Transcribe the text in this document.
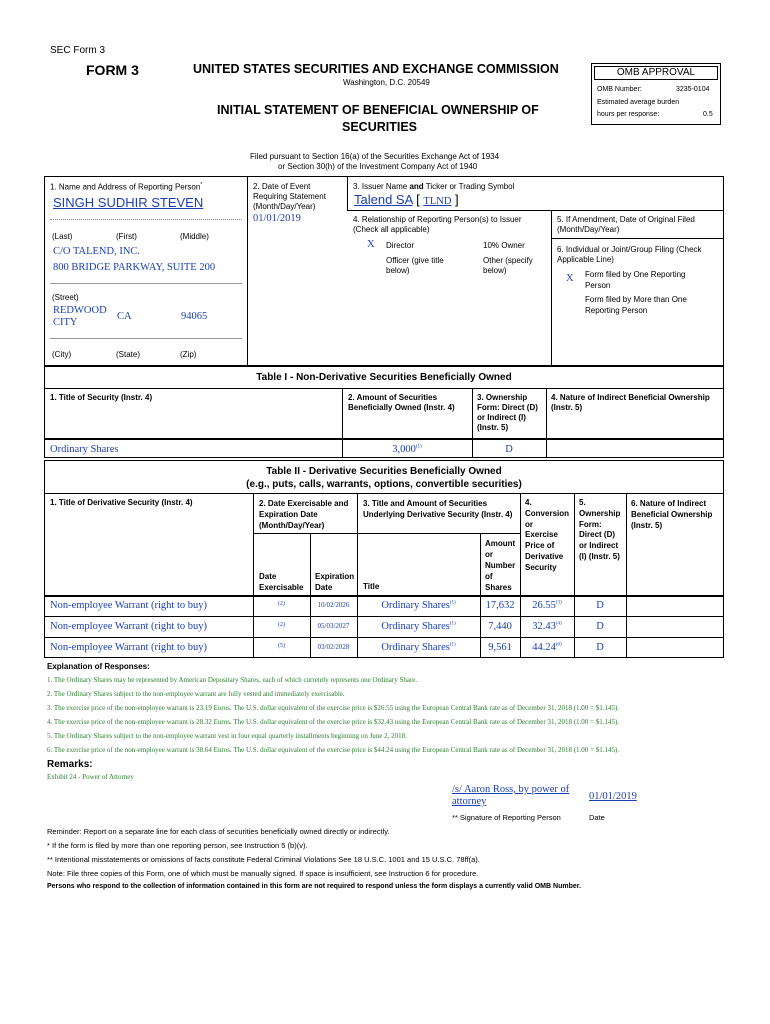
SEC Form 3
FORM 3	UNITED STATES SECURITIES AND EXCHANGE COMMISSION
Washington, D.C. 20549
INITIAL STATEMENT OF BENEFICIAL OWNERSHIP OF
SECURITIES
Filed pursuant to Section 16(a) of the Securities Exchange Act of 1934
or Section 30(h) of the Investment Company Act of 1940
OMB APPROVAL
OMB Number:	3235-0104
Estimated average burden
hours per response:	0.5
1. Name and Address of Reporting Person*
SINGH SUDHIR STEVEN
(Last)	(First)	(Middle)
C/O TALEND, INC.
800 BRIDGE PARKWAY, SUITE 200
(Street)
REDWOOD
CITY
CA	94065
(City)	(State)	(Zip)
2. Date of Event
Requiring Statement
(Month/Day/Year)
01/01/2019
3. Issuer Name and Ticker or Trading Symbol
Talend SA [ TLND ]
4. Relationship of Reporting Person(s) to Issuer
(Check all applicable)
X Director	10% Owner
Officer (give title
below)
Other (specify
below)
5. If Amendment, Date of Original Filed
(Month/Day/Year)
6. Individual or Joint/Group Filing (Check
Applicable Line)
X Form filed by One Reporting
Person
Form filed by More than One
Reporting Person
Table I - Non-Derivative Securities Beneficially Owned
1. Title of Security (Instr. 4)	2. Amount of Securities
Beneficially Owned (Instr. 4)
3. Ownership
Form: Direct (D)
or Indirect (I)
(Instr. 5)
4. Nature of Indirect Beneficial Ownership
(Instr. 5)
Ordinary Shares	3,000$^{(1)}$	D
Table II - Derivative Securities Beneficially Owned
(e.g., puts, calls, warrants, options, convertible securities)
1. Title of Derivative Security (Instr. 4)	2. Date Exercisable and
Expiration Date
(Month/Day/Year)
3. Title and Amount of Securities
Underlying Derivative Security (Instr. 4)
4.
Conversion
or
Exercise
Price of
Derivative
Security
5.
Ownership
Form:
Direct (D)
or Indirect
(I) (Instr. 5)
6. Nature of Indirect
Beneficial Ownership
(Instr. 5)
Date
Exercisable
Expiration
Date	Title
Amount
or
Number
of
Shares
Non-employee Warrant (right to buy)	(2)	10/02/2026	Ordinary Shares$^{(1)}$	17,632	26.55$^{(3)}$	D
Non-employee Warrant (right to buy)	(2)	05/03/2027	Ordinary Shares$^{(1)}$	7,440	32.43$^{(4)}$	D
Non-employee Warrant (right to buy)	(5)	03/02/2028	Ordinary Shares$^{(1)}$	9,561	44.24$^{(6)}$	D
Explanation of Responses:
1. The Ordinary Shares may be represented by American Depositary Shares, each of which currently represents one Ordinary Share.
2. The Ordinary Shares subject to the non-employee warrant are fully vested and immediately exercisable.
3. The exercise price of the non-employee warrant is 23.19 Euros. The U.S. dollar equivalent of the exercise price is $26.55 using the European Central Bank rate as of December 31, 2018 (1.00 = $1.145).
4. The exercise price of the non-employee warrant is 28.32 Euros. The U.S. dollar equivalent of the exercise price is $32.43 using the European Central Bank rate as of December 31, 2018 (1.00 = $1.145).
5. The Ordinary Shares subject to the non-employee warrant vest in four equal quarterly installments beginning on June 2, 2018.
6. The exercise price of the non-employee warrant is 38.64 Euros. The U.S. dollar equivalent of the exercise price is $44.24 using the European Central Bank rate as of December 31, 2018 (1.00 = $1.145).
Remarks:
Exhibit 24 - Power of Attorney
/s/ Aaron Ross, by power of
attorney	01/01/2019
** Signature of Reporting Person	Date
Reminder: Report on a separate line for each class of securities beneficially owned directly or indirectly.
* If the form is filed by more than one reporting person, see Instruction 5 (b)(v).
** Intentional misstatements or omissions of facts constitute Federal Criminal Violations See 18 U.S.C. 1001 and 15 U.S.C. 78ff(a).
Note: File three copies of this Form, one of which must be manually signed. If space is insufficient, see Instruction 6 for procedure.
Persons who respond to the collection of information contained in this form are not required to respond unless the form displays a currently valid OMB Number.
